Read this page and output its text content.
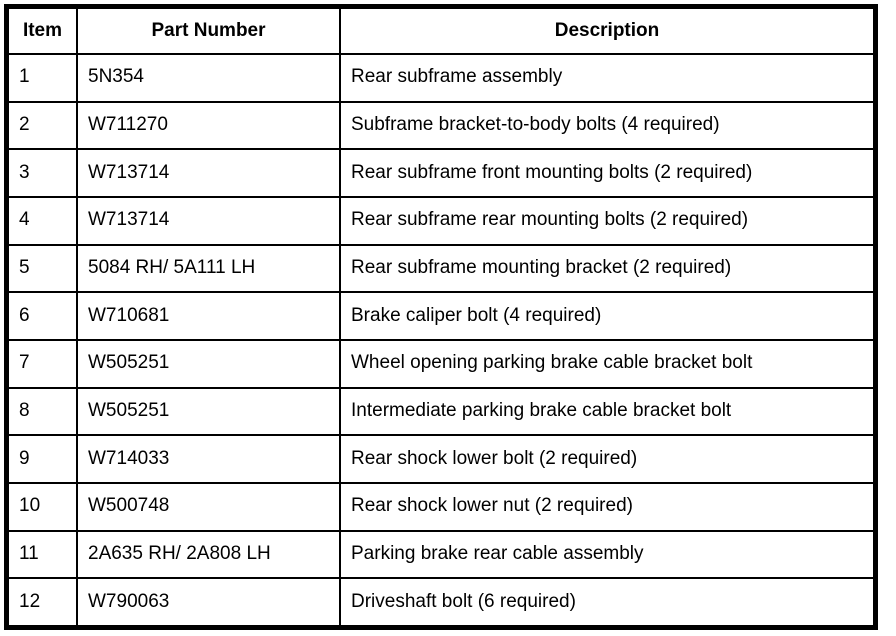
Item	Part Number	Description
1	5N354	Rear subframe assembly
2	W711270	Subframe bracket-to-body bolts (4 required)
3	W713714	Rear subframe front mounting bolts (2 required)
4	W713714	Rear subframe rear mounting bolts (2 required)
5	5084 RH/ 5A111 LH	Rear subframe mounting bracket (2 required)
6	W710681	Brake caliper bolt (4 required)
7	W505251	Wheel opening parking brake cable bracket bolt
8	W505251	Intermediate parking brake cable bracket bolt
9	W714033	Rear shock lower bolt (2 required)
10	W500748	Rear shock lower nut (2 required)
11	2A635 RH/ 2A808 LH	Parking brake rear cable assembly
12	W790063	Driveshaft bolt (6 required)
